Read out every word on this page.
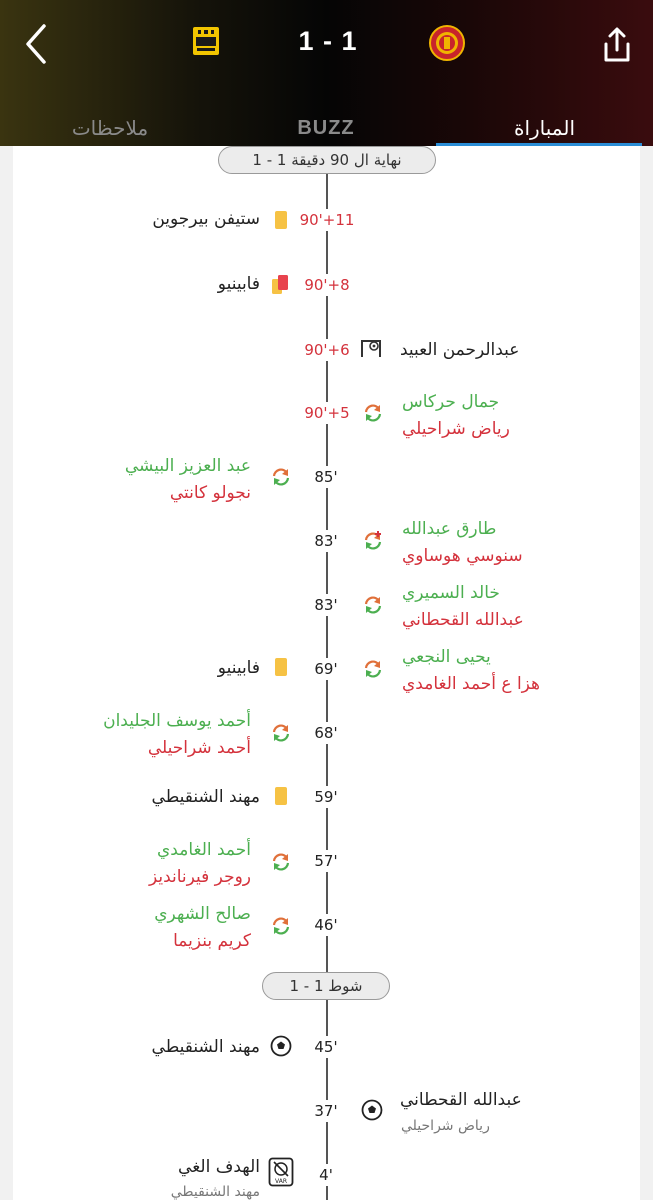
1 - 1
ملاحظات	BUZZ	المباراة
نهاية ال 90 دقيقة 1 - 1
90'+11
ستيفن بيرجوين
90'+8
فابينيو
90'+6	عبدالرحمن العبيد
90'+5
جمال حركاس
رياض شراحيلي
85'
عبد العزيز البيشي
نجولو كانتي
83'
طارق عبدالله
سنوسي هوساوي
83'
خالد السميري
عبدالله القحطاني
69'
فابينيو
يحيى النجعي
هزا ع أحمد الغامدي
68'
أحمد يوسف الجليدان
أحمد شراحيلي
59'
مهند الشنقيطي
57'
أحمد الغامدي
روجر فيرنانديز
46'
صالح الشهري
كريم بنزيما
شوط 1 - 1
45'
مهند الشنقيطي
37'
عبدالله القحطاني
رياض شراحيلي
4'
VAR
الهدف الغي
مهند الشنقيطي
